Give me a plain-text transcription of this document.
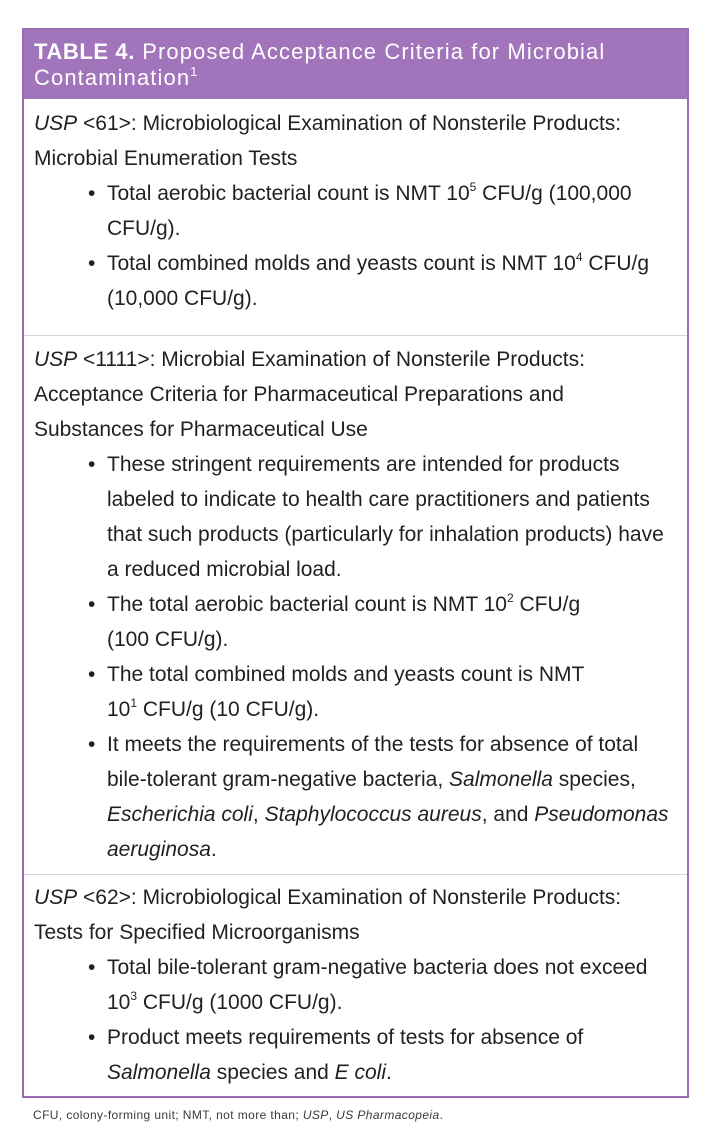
TABLE 4. Proposed Acceptance Criteria for Microbial
Contamination$^1$

USP <61>: Microbiological Examination of Nonsterile Products:
Microbial Enumeration Tests

• Total aerobic bacterial count is NMT $10^5$ CFU/g (100,000
CFU/g).
• Total combined molds and yeasts count is NMT $10^4$ CFU/g
(10,000 CFU/g).

USP <1111>: Microbial Examination of Nonsterile Products:
Acceptance Criteria for Pharmaceutical Preparations and
Substances for Pharmaceutical Use

• These stringent requirements are intended for products
labeled to indicate to health care practitioners and patients
that such products (particularly for inhalation products) have
a reduced microbial load.
• The total aerobic bacterial count is NMT $10^2$ CFU/g
(100 CFU/g).
• The total combined molds and yeasts count is NMT
$10^1$ CFU/g (10 CFU/g).
• It meets the requirements of the tests for absence of total
bile-tolerant gram-negative bacteria, Salmonella species,
Escherichia coli, Staphylococcus aureus, and Pseudomonas
aeruginosa.

USP <62>: Microbiological Examination of Nonsterile Products:
Tests for Specified Microorganisms

• Total bile-tolerant gram-negative bacteria does not exceed
$10^3$ CFU/g (1000 CFU/g).
• Product meets requirements of tests for absence of
Salmonella species and E coli.
CFU, colony-forming unit; NMT, not more than; USP, US Pharmacopeia.
